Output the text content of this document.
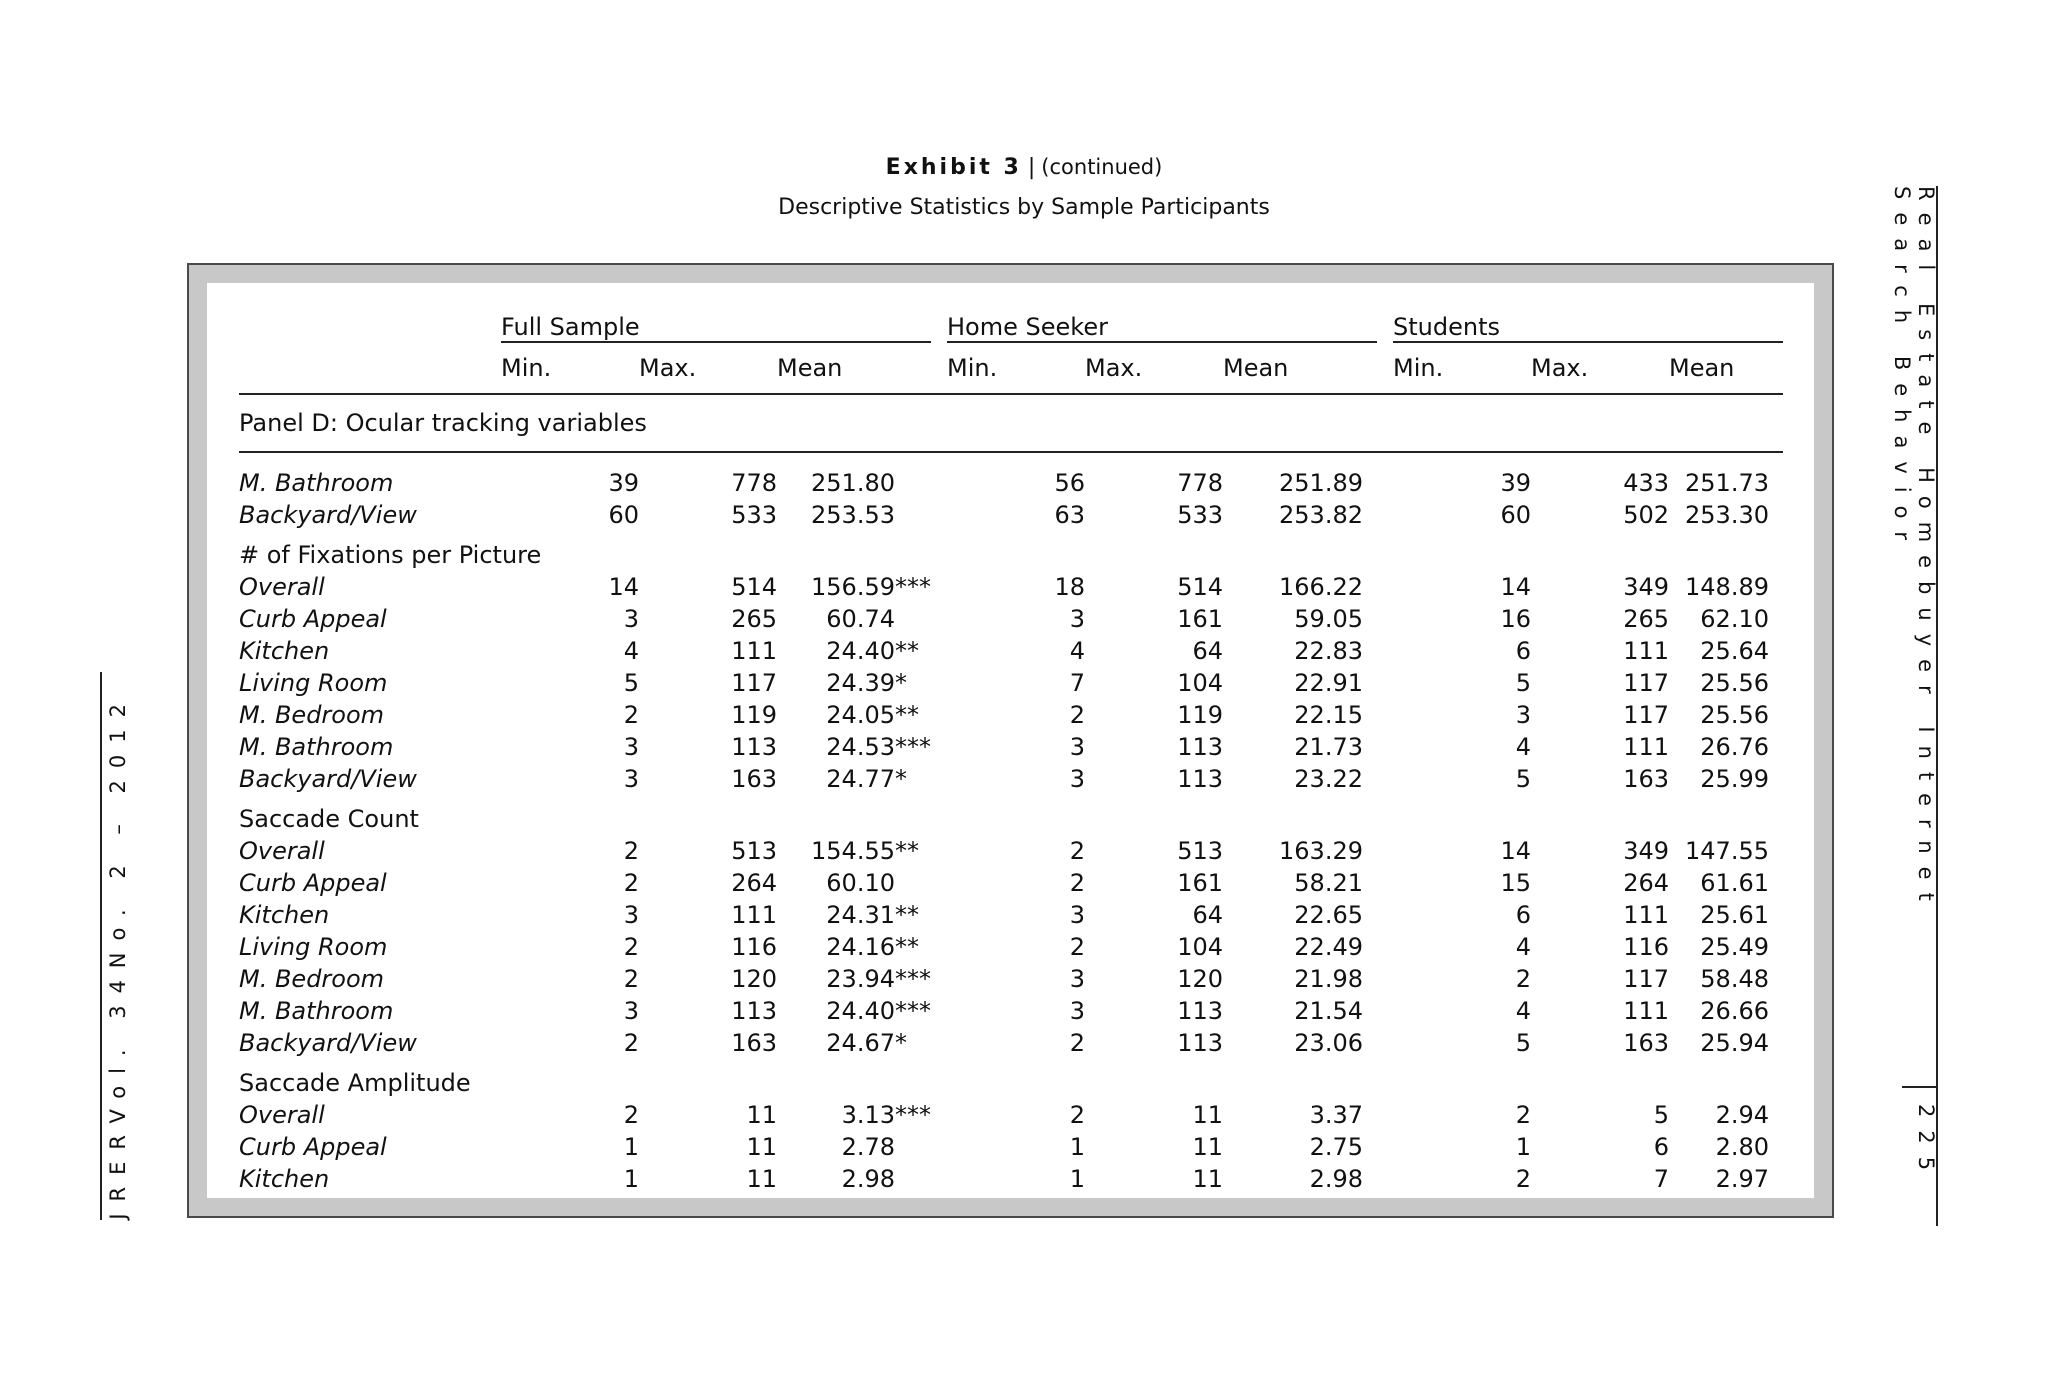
Exhibit 3 | (continued)
Descriptive Statistics by Sample Participants
	Full Sample				Home Seeker				Students		
	Min.	Max.	Mean		Min.	Max.	Mean		Min.	Max.	Mean
Panel D: Ocular tracking variables											

M. Bathroom	39	778	251.80		56	778	251.89		39	433	251.73
Backyard/View	60	533	253.53		63	533	253.82		60	502	253.30
# of Fixations per Picture											
Overall	14	514	156.59***		18	514	166.22		14	349	148.89
Curb Appeal	3	265	60.74		3	161	59.05		16	265	62.10
Kitchen	4	111	24.40**		4	64	22.83		6	111	25.64
Living Room	5	117	24.39*		7	104	22.91		5	117	25.56
M. Bedroom	2	119	24.05**		2	119	22.15		3	117	25.56
M. Bathroom	3	113	24.53***		3	113	21.73		4	111	26.76
Backyard/View	3	163	24.77*		3	113	23.22		5	163	25.99
Saccade Count											
Overall	2	513	154.55**		2	513	163.29		14	349	147.55
Curb Appeal	2	264	60.10		2	161	58.21		15	264	61.61
Kitchen	3	111	24.31**		3	64	22.65		6	111	25.61
Living Room	2	116	24.16**		2	104	22.49		4	116	25.49
M. Bedroom	2	120	23.94***		3	120	21.98		2	117	58.48
M. Bathroom	3	113	24.40***		3	113	21.54		4	111	26.66
Backyard/View	2	163	24.67*		2	113	23.06		5	163	25.94
Saccade Amplitude											
Overall	2	11	3.13***		2	11	3.37		2	5	2.94
Curb Appeal	1	11	2.78		1	11	2.75		1	6	2.80
Kitchen	1	11	2.98		1	11	2.98		2	7	2.97
Real Estate Homebuyer Internet Search Behavior
225
JRER
Vol. 34
No. 2 – 2012
